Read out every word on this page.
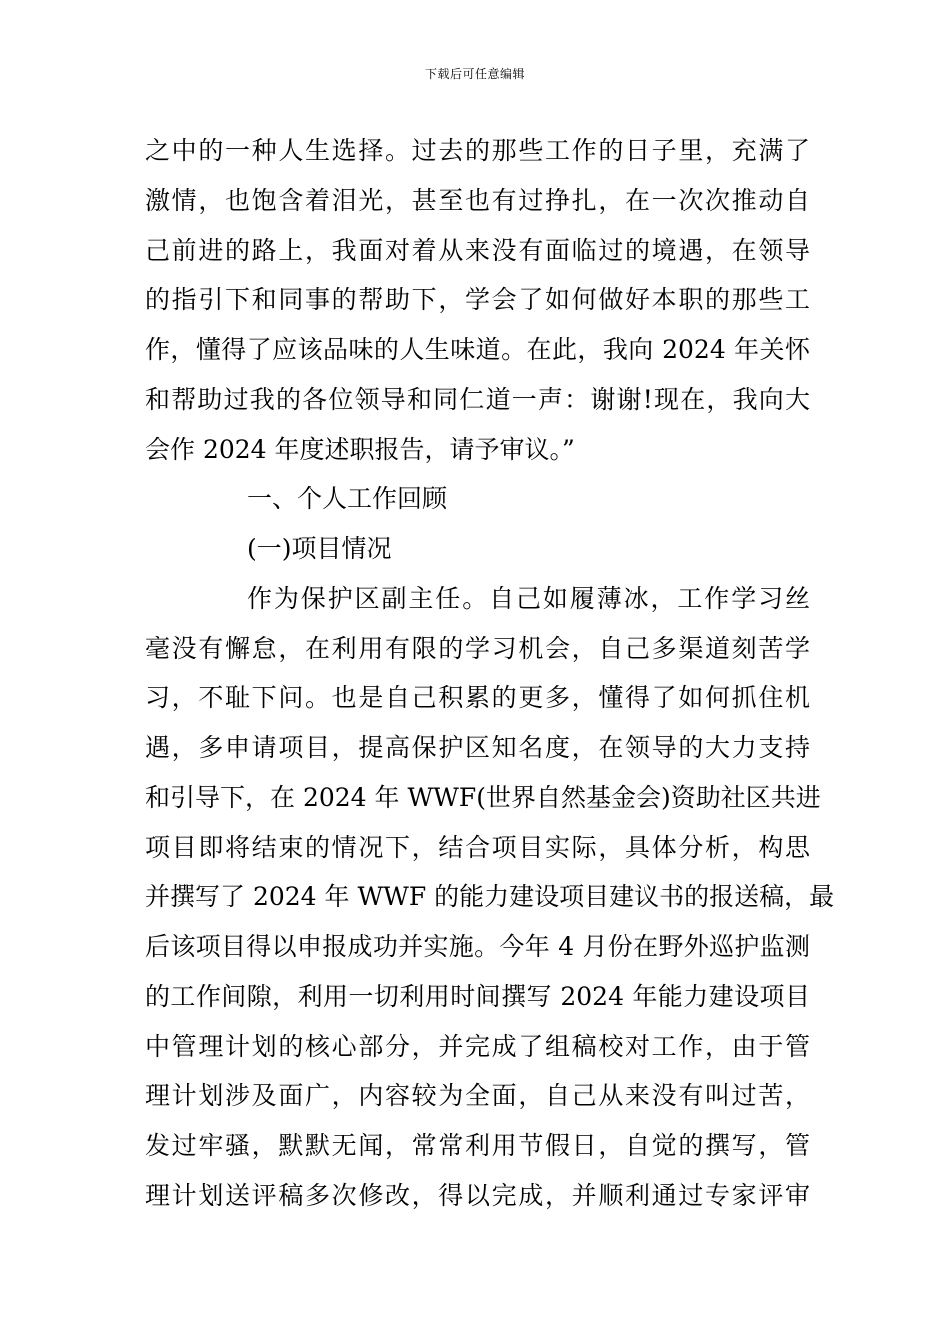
下载后可任意编辑
之中的一种人生选择。过去的那些工作的日子里，充满了
激情，也饱含着泪光，甚至也有过挣扎，在一次次推动自
己前进的路上，我面对着从来没有面临过的境遇，在领导
的指引下和同事的帮助下，学会了如何做好本职的那些工
作，懂得了应该品味的人生味道。在此，我向 2024 年关怀
和帮助过我的各位领导和同仁道一声：谢谢!现在，我向大
会作 2024 年度述职报告，请予审议。”
一、个人工作回顾
(一)项目情况
作为保护区副主任。自己如履薄冰，工作学习丝
毫没有懈怠，在利用有限的学习机会，自己多渠道刻苦学
习，不耻下问。也是自己积累的更多，懂得了如何抓住机
遇，多申请项目，提高保护区知名度，在领导的大力支持
和引导下，在 2024 年 WWF(世界自然基金会)资助社区共进
项目即将结束的情况下，结合项目实际，具体分析，构思
并撰写了 2024 年 WWF 的能力建设项目建议书的报送稿，最
后该项目得以申报成功并实施。今年 4 月份在野外巡护监测
的工作间隙，利用一切利用时间撰写 2024 年能力建设项目
中管理计划的核心部分，并完成了组稿校对工作，由于管
理计划涉及面广，内容较为全面，自己从来没有叫过苦，
发过牢骚，默默无闻，常常利用节假日，自觉的撰写，管
理计划送评稿多次修改，得以完成，并顺利通过专家评审
